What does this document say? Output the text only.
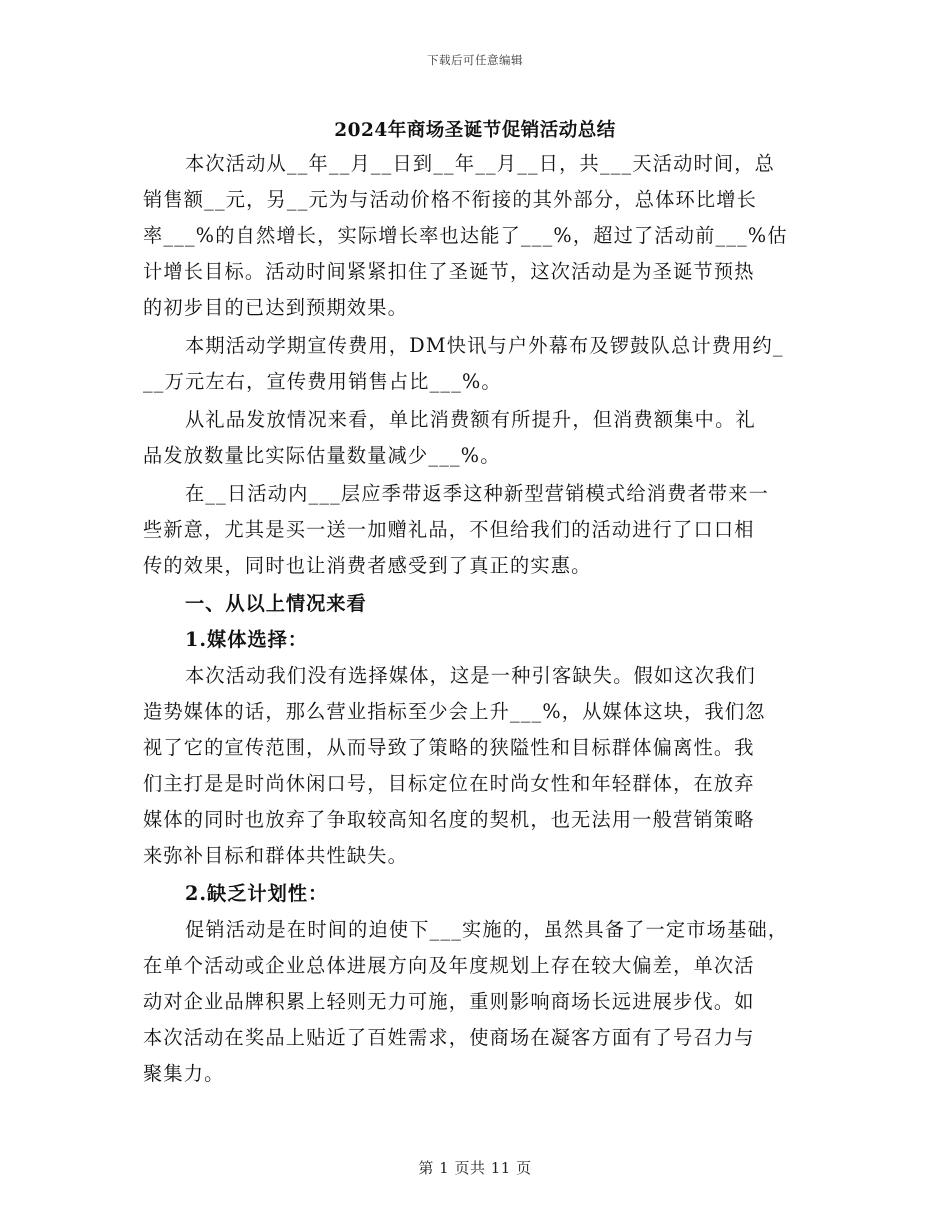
下载后可任意编辑
2024年商场圣诞节促销活动总结
本次活动从__年__月__日到__年__月__日，共___天活动时间，总
销售额__元，另__元为与活动价格不衔接的其外部分，总体环比增长
率___%的自然增长，实际增长率也达能了___%，超过了活动前___%估
计增长目标。活动时间紧紧扣住了圣诞节，这次活动是为圣诞节预热
的初步目的已达到预期效果。
本期活动学期宣传费用，DM快讯与户外幕布及锣鼓队总计费用约_
__万元左右，宣传费用销售占比___%。
从礼品发放情况来看，单比消费额有所提升，但消费额集中。礼
品发放数量比实际估量数量减少___%。
在__日活动内___层应季带返季这种新型营销模式给消费者带来一
些新意，尤其是买一送一加赠礼品，不但给我们的活动进行了口口相
传的效果，同时也让消费者感受到了真正的实惠。
一、从以上情况来看
1.媒体选择：
本次活动我们没有选择媒体，这是一种引客缺失。假如这次我们
造势媒体的话，那么营业指标至少会上升___%，从媒体这块，我们忽
视了它的宣传范围，从而导致了策略的狭隘性和目标群体偏离性。我
们主打是是时尚休闲口号，目标定位在时尚女性和年轻群体，在放弃
媒体的同时也放弃了争取较高知名度的契机，也无法用一般营销策略
来弥补目标和群体共性缺失。
2.缺乏计划性：
促销活动是在时间的迫使下___实施的，虽然具备了一定市场基础，
在单个活动或企业总体进展方向及年度规划上存在较大偏差，单次活
动对企业品牌积累上轻则无力可施，重则影响商场长远进展步伐。如
本次活动在奖品上贴近了百姓需求，使商场在凝客方面有了号召力与
聚集力。
第 1 页共 11 页
